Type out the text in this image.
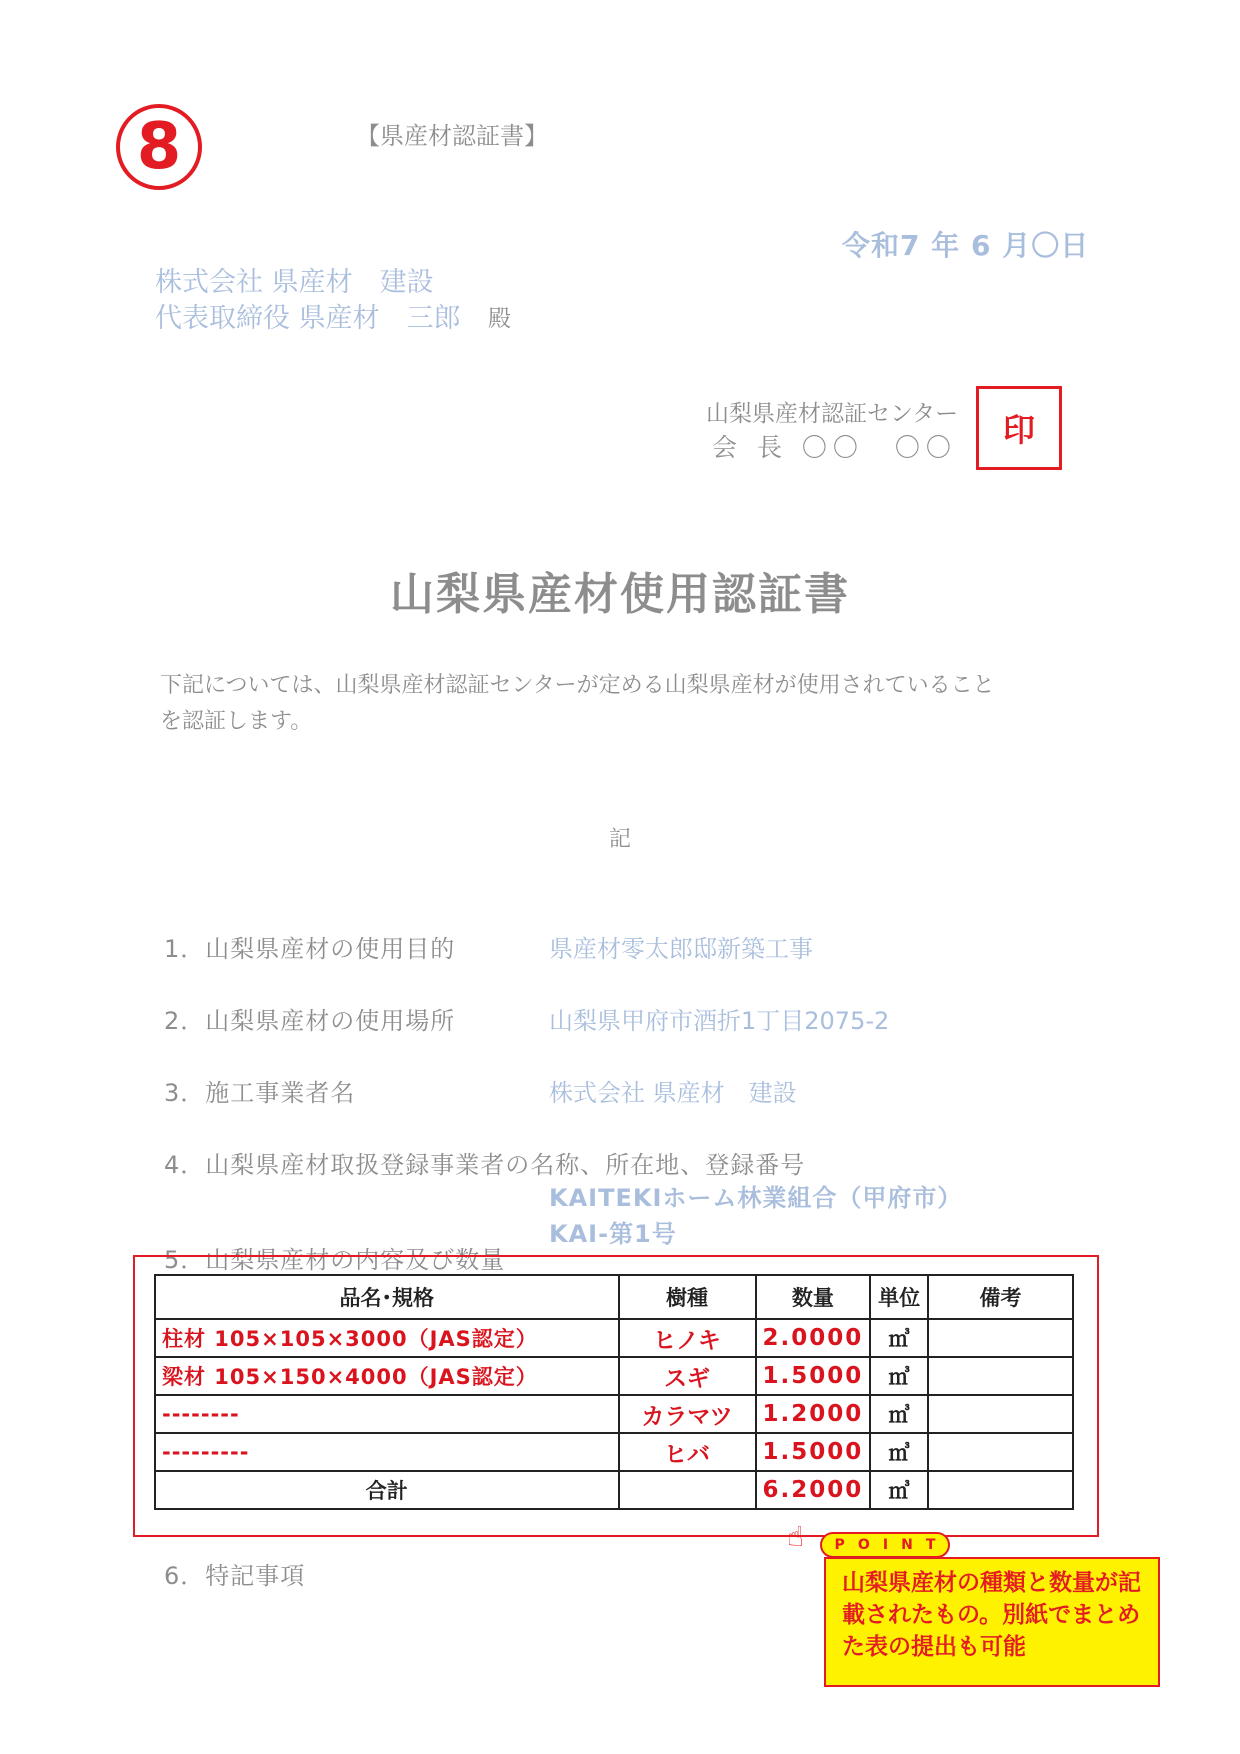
8	【県産材認証書】
令和7 年 6 月〇日
株式会社 県産材　建設
代表取締役 県産材　三郎 殿
山梨県産材認証センター
会 長 〇〇　〇〇	印
山梨県産材使用認証書
下記については、山梨県産材認証センターが定める山梨県産材が使用されていることを認証します。
記
1．山梨県産材の使用目的	県産材零太郎邸新築工事
2．山梨県産材の使用場所	山梨県甲府市酒折1丁目2075-2
3．施工事業者名	株式会社 県産材　建設
4．山梨県産材取扱登録事業者の名称、所在地、登録番号
KAITEKIホーム林業組合（甲府市）
KAI-第1号
5．山梨県産材の内容及び数量
品名･規格	樹種	数量	単位	備考
柱材 105×105×3000（JAS認定）	ヒノキ	2.0000	㎥	
梁材 105×150×4000（JAS認定）	スギ	1.5000	㎥	
--------	カラマツ	1.2000	㎥	
---------	ヒバ	1.5000	㎥	
合計		6.2000	㎥	
6．特記事項
☝ P O I N T
山梨県産材の種類と数量が記載されたもの。別紙でまとめた表の提出も可能
